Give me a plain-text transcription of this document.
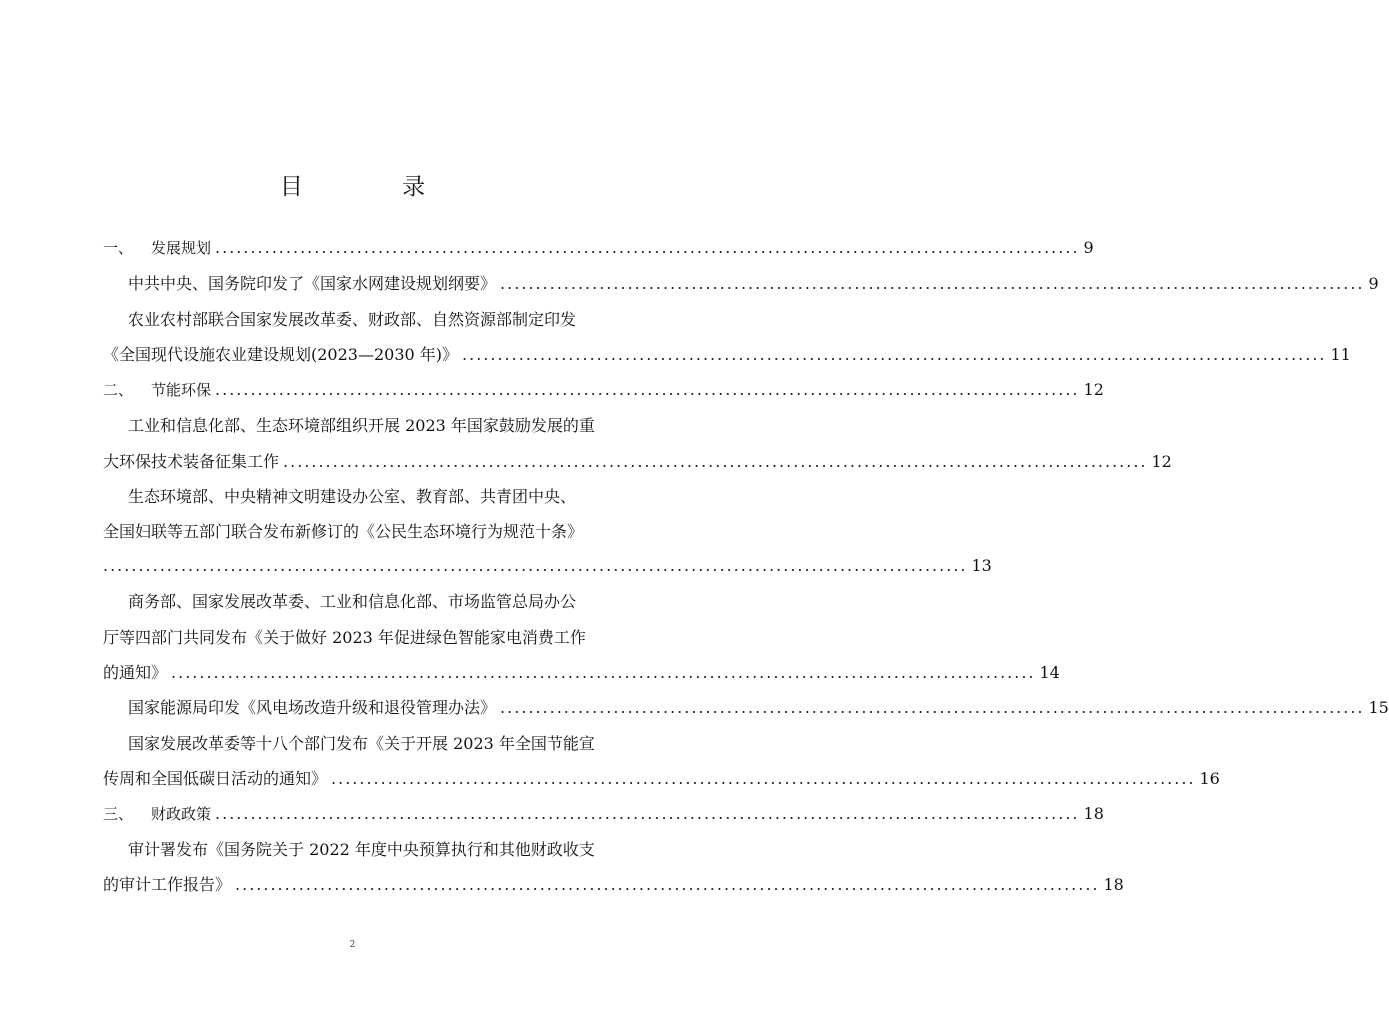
目 录
一、 发展规划 .......................................................................................................................... 9
中共中央、国务院印发了《国家水网建设规划纲要》 .......................................................................................................................... 9
农业农村部联合国家发展改革委、财政部、自然资源部制定印发
《全国现代设施农业建设规划(2023—2030 年)》 .......................................................................................................................... 11
二、 节能环保 .......................................................................................................................... 12
工业和信息化部、生态环境部组织开展 2023 年国家鼓励发展的重
大环保技术装备征集工作 .......................................................................................................................... 12
生态环境部、中央精神文明建设办公室、教育部、共青团中央、
全国妇联等五部门联合发布新修订的《公民生态环境行为规范十条》
.......................................................................................................................... 13
商务部、国家发展改革委、工业和信息化部、市场监管总局办公
厅等四部门共同发布《关于做好 2023 年促进绿色智能家电消费工作
的通知》 .......................................................................................................................... 14
国家能源局印发《风电场改造升级和退役管理办法》 .......................................................................................................................... 15
国家发展改革委等十八个部门发布《关于开展 2023 年全国节能宣
传周和全国低碳日活动的通知》 .......................................................................................................................... 16
三、 财政政策 .......................................................................................................................... 18
审计署发布《国务院关于 2022 年度中央预算执行和其他财政收支
的审计工作报告》 .......................................................................................................................... 18
2
